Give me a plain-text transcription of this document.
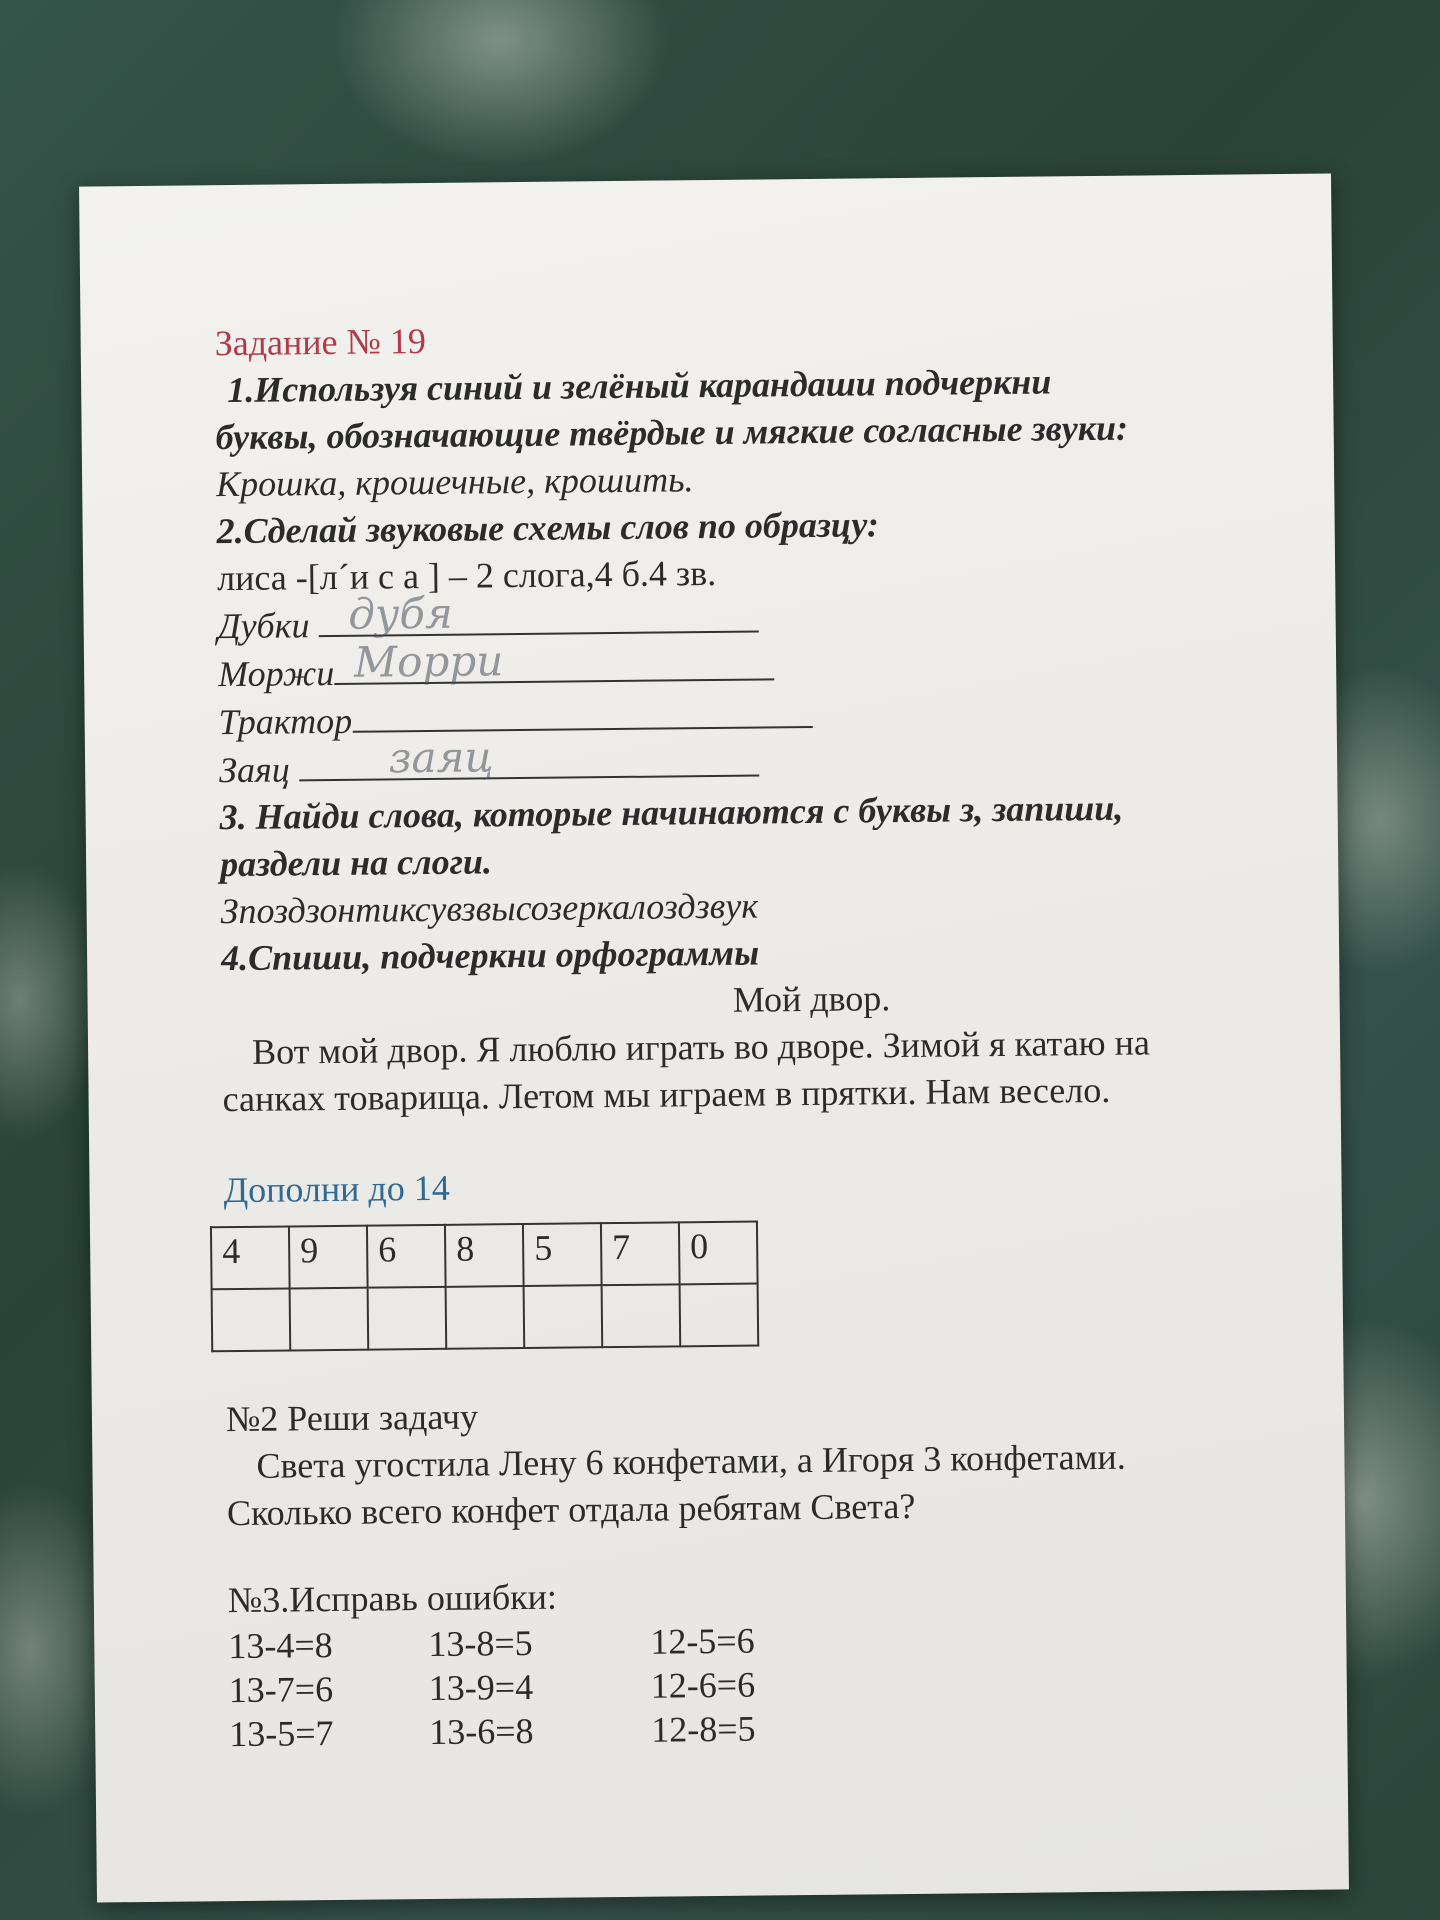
Задание № 19
1.Используя синий и зелёный карандаши подчеркни
буквы, обозначающие твёрдые и мягкие согласные звуки:
Крошка, крошечные, крошить.
2.Сделай звуковые схемы слов по образцу:
лиса -[л´и с а ] – 2 слога,4 б.4 зв.
Дубки дубя
Моржи Морри
Трактор
Заяц заяц
3. Найди слова, которые начинаются с буквы з, запиши,
раздели на слоги.
Зпоздзонтиксувзвысозеркалоздзвук
4.Спиши, подчеркни орфограммы
Мой двор.
Вот мой двор. Я люблю играть во дворе. Зимой я катаю на
санках товарища. Летом мы играем в прятки. Нам весело.
Дополни до 14
4	9	6	8	5	7	0

№2 Реши задачу
Света угостила Лену 6 конфетами, а Игоря 3 конфетами.
Сколько всего конфет отдала ребятам Света?
№3.Исправь ошибки:
13-4=8	13-8=5	12-5=6
13-7=6	13-9=4	12-6=6
13-5=7	13-6=8	12-8=5
